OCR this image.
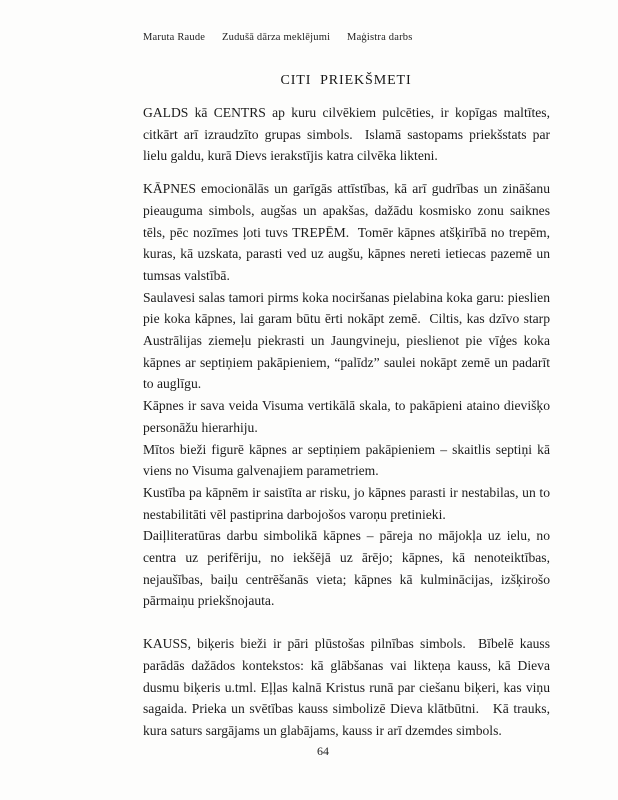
Maruta Raude Zudušā dārza meklējumi Maģistra darbs
CITI  PRIEKŠMETI

GALDS kā CENTRS ap kuru cilvēkiem pulcēties, ir kopīgas maltītes, citkārt arī izraudzīto grupas simbols.  Islamā sastopams priekšstats par lielu galdu, kurā Dievs ierakstījis katra cilvēka likteni.

KĀPNES emocionālās un garīgās attīstības, kā arī gudrības un zināšanu pieauguma simbols, augšas un apakšas, dažādu kosmisko zonu saiknes tēls, pēc nozīmes ļoti tuvs TREPĒM.  Tomēr kāpnes atšķirībā no trepēm, kuras, kā uzskata, parasti ved uz augšu, kāpnes nereti ietiecas pazemē un tumsas valstībā.

Saulavesi salas tamori pirms koka nociršanas pielabina koka garu: pieslien pie koka kāpnes, lai garam būtu ērti nokāpt zemē.  Ciltis, kas dzīvo starp Austrālijas ziemeļu piekrasti un Jaungvineju, pieslienot pie vīģes koka kāpnes ar septiņiem pakāpieniem, “palīdz” saulei nokāpt zemē un padarīt to auglīgu.

Kāpnes ir sava veida Visuma vertikālā skala, to pakāpieni ataino dievišķo personāžu hierarhiju.

Mītos bieži figurē kāpnes ar septiņiem pakāpieniem – skaitlis septiņi kā viens no Visuma galvenajiem parametriem.

Kustība pa kāpnēm ir saistīta ar risku, jo kāpnes parasti ir nestabilas, un to nestabilitāti vēl pastiprina darbojošos varoņu pretinieki.

Daiļliteratūras darbu simbolikā kāpnes – pāreja no mājokļa uz ielu, no centra uz perifēriju, no iekšējā uz ārējo; kāpnes, kā nenoteiktības, nejaušības, baiļu centrēšanās vieta; kāpnes kā kulminācijas, izšķirošo pārmaiņu priekšnojauta.

KAUSS, biķeris bieži ir pāri plūstošas pilnības simbols.  Bībelē kauss parādās dažādos kontekstos: kā glābšanas vai likteņa kauss, kā Dieva dusmu biķeris u.tml. Eļļas kalnā Kristus runā par ciešanu biķeri, kas viņu sagaida. Prieka un svētības kauss simbolizē Dieva klātbūtni.   Kā trauks, kura saturs sargājams un glabājams, kauss ir arī dzemdes simbols.

64
